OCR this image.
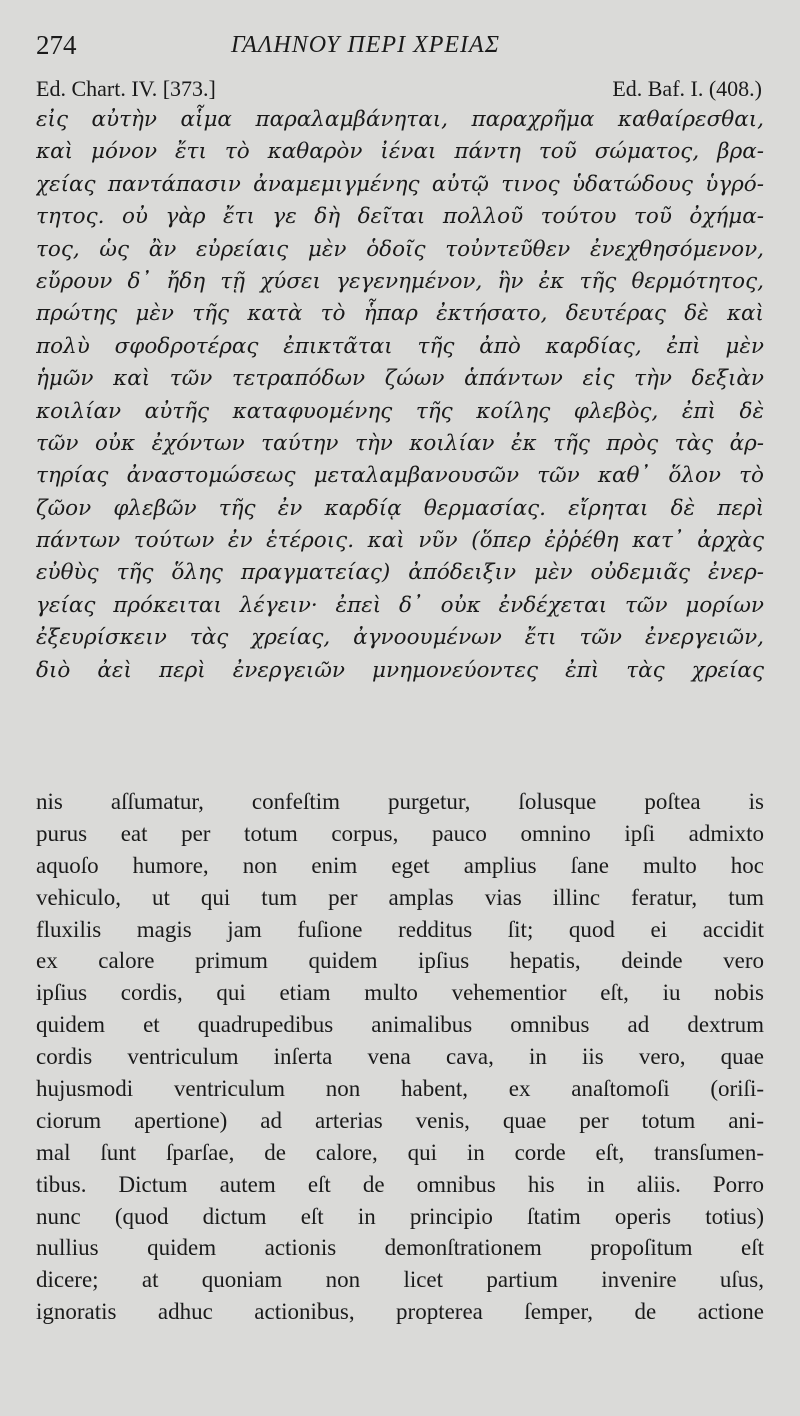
274	ΓΑΛΗΝΟΥ ΠΕΡΙ ΧΡΕΙΑΣ
Ed. Chart. IV. [373.]	Ed. Baf. I. (408.)
εἰς αὐτὴν αἷμα παραλαμβάνηται, παραχρῆμα καθαίρεσθαι,
καὶ μόνον ἔτι τὸ καθαρὸν ἰέναι πάντη τοῦ σώματος, βρα-
χείας παντάπασιν ἀναμεμιγμένης αὐτῷ τινος ὑδατώδους ὑγρό-
τητος. οὐ γὰρ ἔτι γε δὴ δεῖται πολλοῦ τούτου τοῦ ὀχήμα-
τος, ὡς ἂν εὐρείαις μὲν ὁδοῖς τοὐντεῦθεν ἐνεχθησόμενον,
εὔρουν δ᾽ ἤδη τῇ χύσει γεγενημένον, ἣν ἐκ τῆς θερμότητος,
πρώτης μὲν τῆς κατὰ τὸ ἧπαρ ἐκτήσατο, δευτέρας δὲ καὶ
πολὺ σφοδροτέρας ἐπικτᾶται τῆς ἀπὸ καρδίας, ἐπὶ μὲν
ἡμῶν καὶ τῶν τετραπόδων ζώων ἁπάντων εἰς τὴν δεξιὰν
κοιλίαν αὐτῆς καταφυομένης τῆς κοίλης φλεβὸς, ἐπὶ δὲ
τῶν οὐκ ἐχόντων ταύτην τὴν κοιλίαν ἐκ τῆς πρὸς τὰς ἀρ-
τηρίας ἀναστομώσεως μεταλαμβανουσῶν τῶν καθ᾽ ὅλον τὸ
ζῶον φλεβῶν τῆς ἐν καρδίᾳ θερμασίας. εἴρηται δὲ περὶ
πάντων τούτων ἐν ἑτέροις. καὶ νῦν (ὅπερ ἐῤῥέθη κατ᾽ ἀρχὰς
εὐθὺς τῆς ὅλης πραγματείας) ἀπόδειξιν μὲν οὐδεμιᾶς ἐνερ-
γείας πρόκειται λέγειν· ἐπεὶ δ᾽ οὐκ ἐνδέχεται τῶν μορίων
ἐξευρίσκειν τὰς χρείας, ἀγνοουμένων ἔτι τῶν ἐνεργειῶν,
διὸ ἀεὶ περὶ ἐνεργειῶν μνημονεύοντες ἐπὶ τὰς χρείας
nis aſſumatur, confeſtim purgetur, ſolusque poſtea is
purus eat per totum corpus, pauco omnino ipſi admixto
aquoſo humore, non enim eget amplius ſane multo hoc
vehiculo, ut qui tum per amplas vias illinc feratur, tum
fluxilis magis jam fuſione redditus ſit; quod ei accidit
ex calore primum quidem ipſius hepatis, deinde vero
ipſius cordis, qui etiam multo vehementior eſt, iu nobis
quidem et quadrupedibus animalibus omnibus ad dextrum
cordis ventriculum inſerta vena cava, in iis vero, quae
hujusmodi ventriculum non habent, ex anaſtomoſi (oriſi-
ciorum apertione) ad arterias venis, quae per totum ani-
mal ſunt ſparſae, de calore, qui in corde eſt, transſumen-
tibus. Dictum autem eſt de omnibus his in aliis. Porro
nunc (quod dictum eſt in principio ſtatim operis totius)
nullius quidem actionis demonſtrationem propoſitum eſt
dicere; at quoniam non licet partium invenire uſus,
ignoratis adhuc actionibus, propterea ſemper, de actione
